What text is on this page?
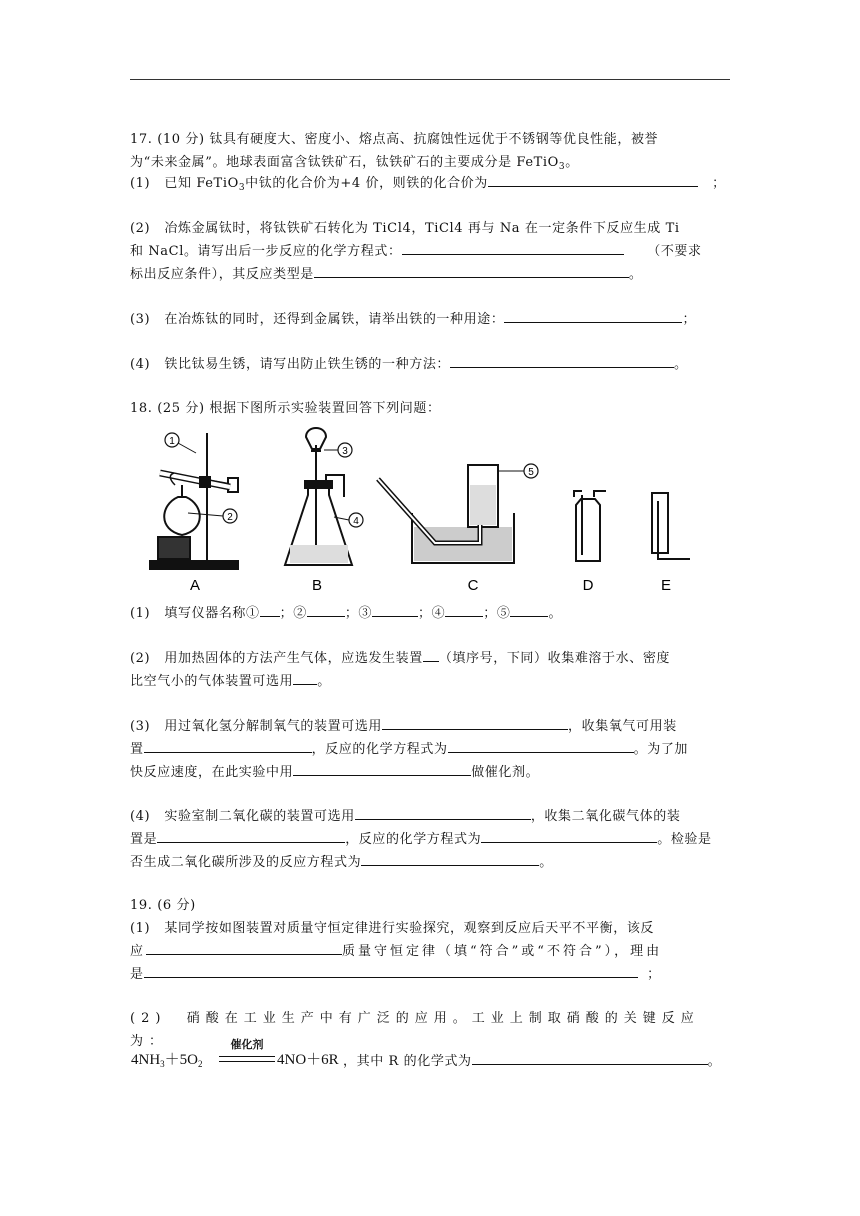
17. (10 分) 钛具有硬度大、密度小、熔点高、抗腐蚀性远优于不锈钢等优良性能，被誉
为“未来金属”。地球表面富含钛铁矿石，钛铁矿石的主要成分是 FeTiO$_3$。
(1) 已知 FeTiO$_3$中钛的化合价为+4 价，则铁的化合价为	；
(2) 冶炼金属钛时，将钛铁矿石转化为 TiCl4，TiCl4 再与 Na 在一定条件下反应生成 Ti
和 NaCl。请写出后一步反应的化学方程式：	（不要求
标出反应条件），其反应类型是	。
(3) 在冶炼钛的同时，还得到金属铁，请举出铁的一种用途：	；
(4) 铁比钛易生锈，请写出防止铁生锈的一种方法：	。
18. (25 分) 根据下图所示实验装置回答下列问题：
1
2
A
3
4
B
5
C	D	E
(1) 填写仪器名称① ；②	；③	；④	；⑤	。
(2) 用加热固体的方法产生气体，应选发生装置 （填序号，下同）收集难溶于水、密度
比空气小的气体装置可选用 。
(3) 用过氧化氢分解制氧气的装置可选用	，收集氧气可用装
置	，反应的化学方程式为	。为了加
快反应速度，在此实验中用	做催化剂。
(4) 实验室制二氧化碳的装置可选用	，收集二氧化碳气体的装
置是	，反应的化学方程式为	。检验是
否生成二氧化碳所涉及的反应方程式为	。
19. (6 分)
(1) 某同学按如图装置对质量守恒定律进行实验探究，观察到反应后天平不平衡，该反
应	质量守恒定律（填“符合”或“不符合”），理由
是	；
(2) 硝酸在工业生产中有广泛的应用。工业上制取硝酸的关键反应为：
$4NH_3+5O_2$
催化剂
4NO＋6R ，其中 R 的化学式为	。
